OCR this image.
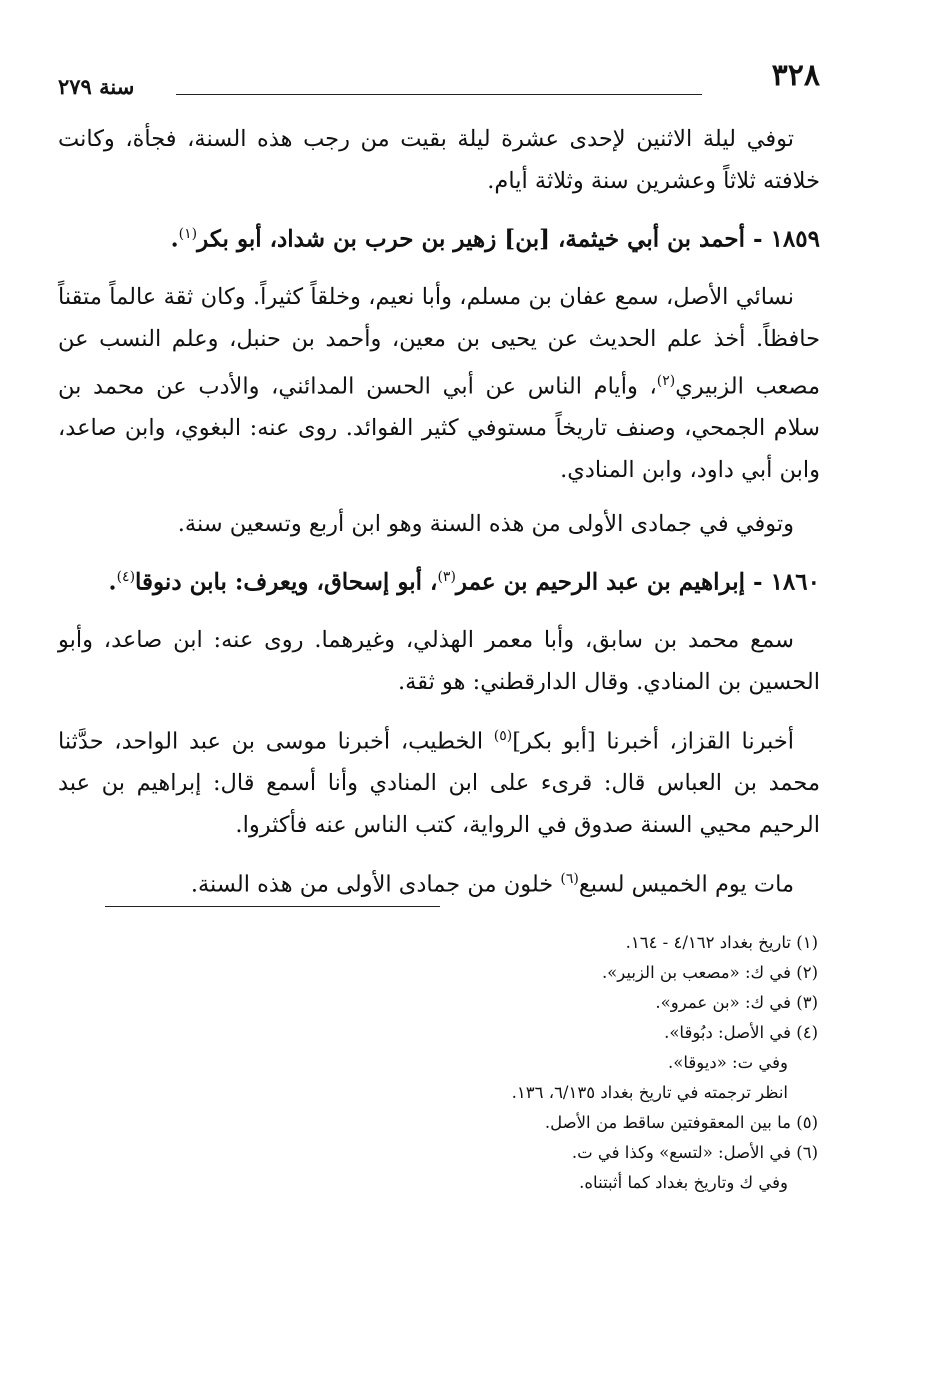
٣٢٨
سنة ٢٧٩

توفي ليلة الاثنين لإحدى عشرة ليلة بقيت من رجب هذه السنة، فجأة، وكانت خلافته ثلاثاً وعشرين سنة وثلاثة أيام.

١٨٥٩ - أحمد بن أبي خيثمة، [بن] زهير بن حرب بن شداد، أبو بكر$^{(١)}$.

نسائي الأصل، سمع عفان بن مسلم، وأبا نعيم، وخلقاً كثيراً. وكان ثقة عالماً متقناً حافظاً. أخذ علم الحديث عن يحيى بن معين، وأحمد بن حنبل، وعلم النسب عن مصعب الزبيري$^{(٢)}$، وأيام الناس عن أبي الحسن المدائني، والأدب عن محمد بن سلام الجمحي، وصنف تاريخاً مستوفي كثير الفوائد. روى عنه: البغوي، وابن صاعد، وابن أبي داود، وابن المنادي.

وتوفي في جمادى الأولى من هذه السنة وهو ابن أربع وتسعين سنة.

١٨٦٠ - إبراهيم بن عبد الرحيم بن عمر$^{(٣)}$، أبو إسحاق، ويعرف: بابن دنوقا$^{(٤)}$.

سمع محمد بن سابق، وأبا معمر الهذلي، وغيرهما. روى عنه: ابن صاعد، وأبو الحسين بن المنادي. وقال الدارقطني: هو ثقة.

أخبرنا القزاز، أخبرنا [أبو بكر]$^{(٥)}$ الخطيب، أخبرنا موسى بن عبد الواحد، حدَّثنا محمد بن العباس قال: قرىء على ابن المنادي وأنا أسمع قال: إبراهيم بن عبد الرحيم محيي السنة صدوق في الرواية، كتب الناس عنه فأكثروا.

مات يوم الخميس لسبع$^{(٦)}$ خلون من جمادى الأولى من هذه السنة.

(١) تاريخ بغداد ٤/١٦٢ - ١٦٤.

(٢) في ك: «مصعب بن الزبير».

(٣) في ك: «بن عمرو».

(٤) في الأصل: دبُوقا».

وفي ت: «ديوقا».

انظر ترجمته في تاريخ بغداد ٦/١٣٥، ١٣٦.

(٥) ما بين المعقوفتين ساقط من الأصل.

(٦) في الأصل: «لتسع» وكذا في ت.

وفي ك وتاريخ بغداد كما أثبتناه.
